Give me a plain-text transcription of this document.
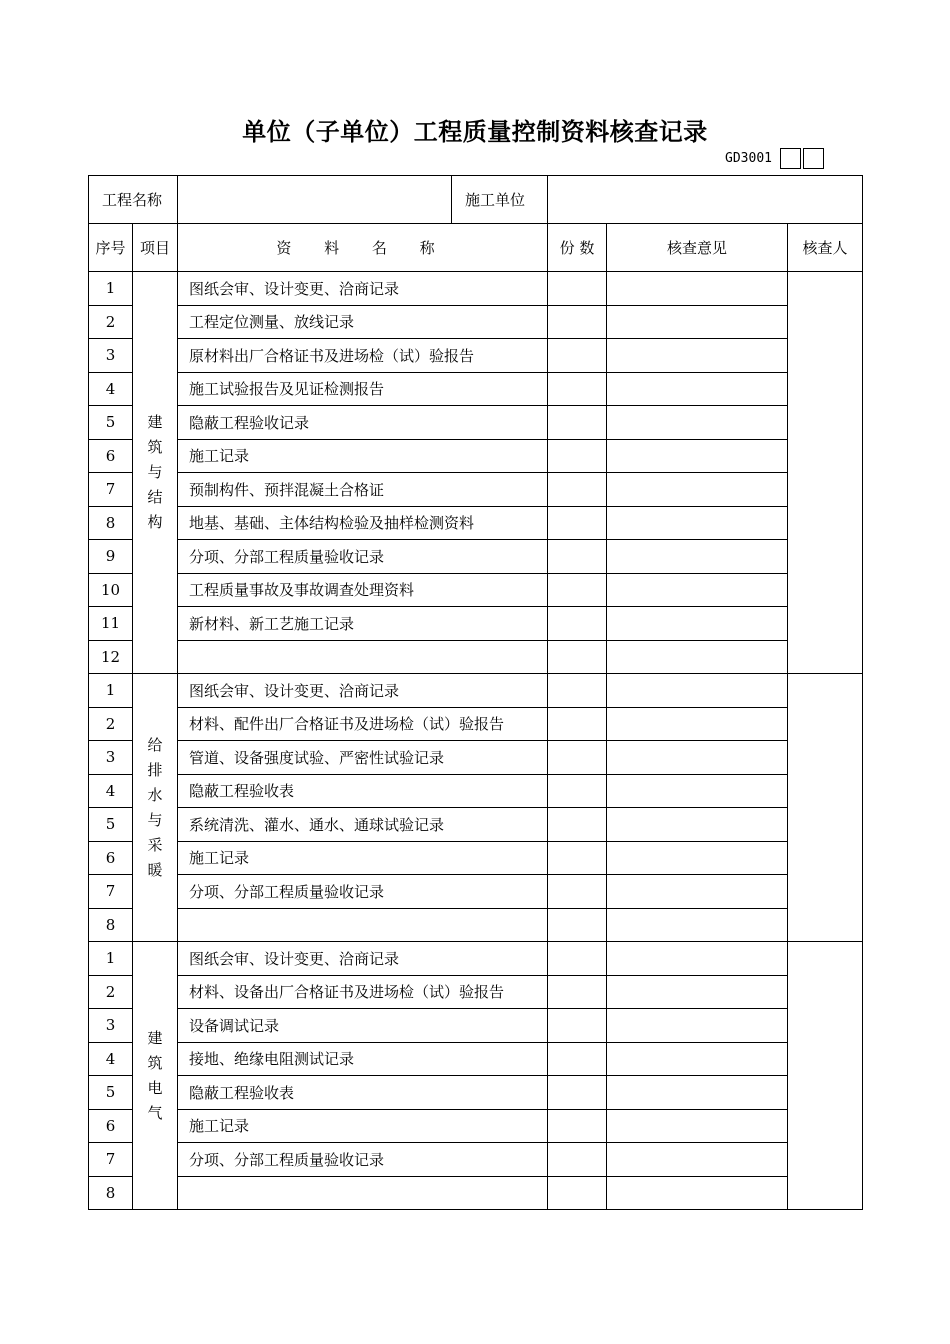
单位（子单位）工程质量控制资料核查记录
GD3001
工程名称			施工单位			
序号	项目	资 料 名 称		份 数	核查意见	核查人
1	建筑与结构	图纸会审、设计变更、洽商记录				
2		工程定位测量、放线记录				
3		原材料出厂合格证书及进场检（试）验报告				
4		施工试验报告及见证检测报告				
5		隐蔽工程验收记录				
6		施工记录				
7		预制构件、预拌混凝土合格证				
8		地基、基础、主体结构检验及抽样检测资料				
9		分项、分部工程质量验收记录				
10		工程质量事故及事故调查处理资料				
11		新材料、新工艺施工记录				
12						
1	给排水与采暖	图纸会审、设计变更、洽商记录				
2		材料、配件出厂合格证书及进场检（试）验报告				
3		管道、设备强度试验、严密性试验记录				
4		隐蔽工程验收表				
5		系统清洗、灌水、通水、通球试验记录				
6		施工记录				
7		分项、分部工程质量验收记录				
8						
1	建筑电气	图纸会审、设计变更、洽商记录				
2		材料、设备出厂合格证书及进场检（试）验报告				
3		设备调试记录				
4		接地、绝缘电阻测试记录				
5		隐蔽工程验收表				
6		施工记录				
7		分项、分部工程质量验收记录				
8						
